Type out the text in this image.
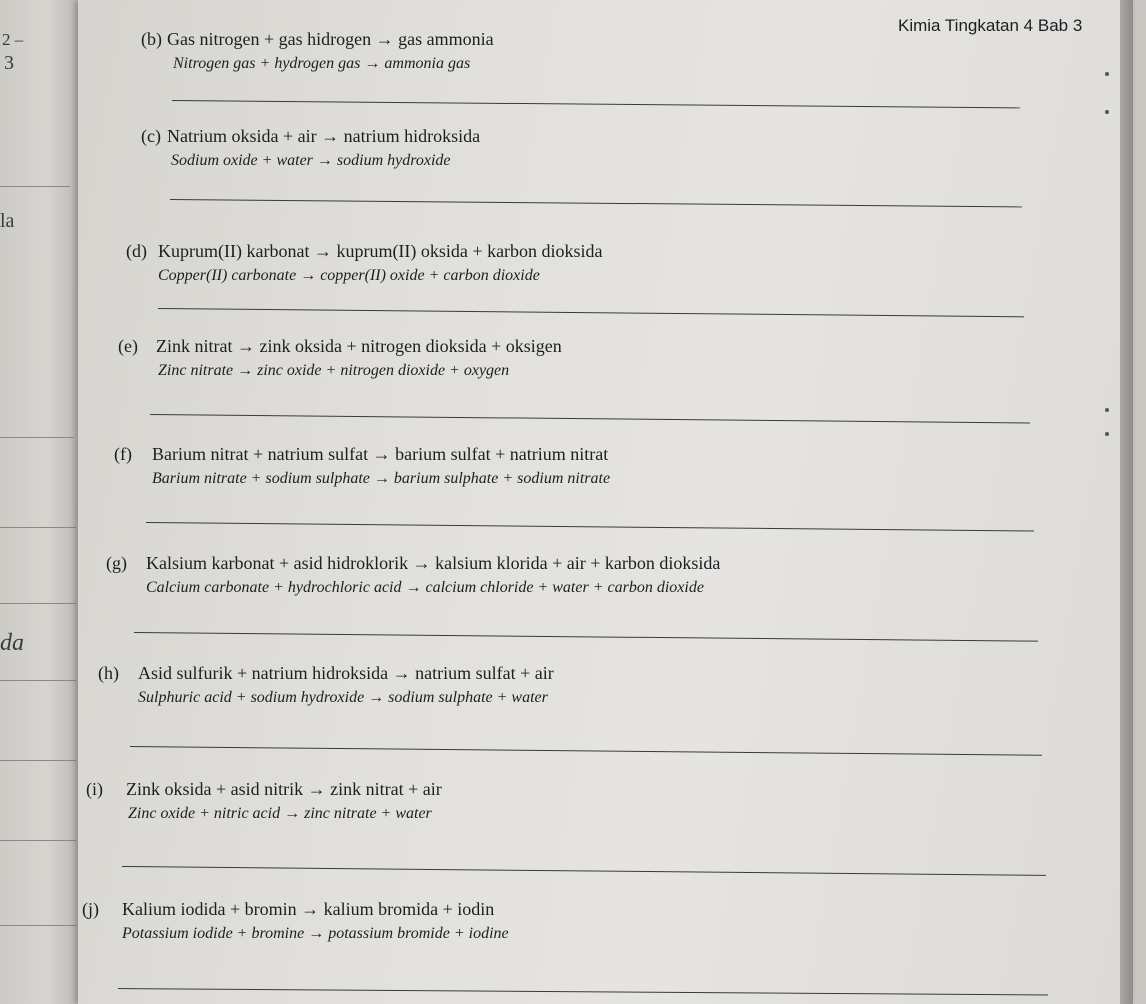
2 –
3
la
da
Kimia Tingkatan 4 Bab 3
(b) Gas nitrogen + gas hidrogen → gas ammonia
Nitrogen gas + hydrogen gas → ammonia gas
(c) Natrium oksida + air → natrium hidroksida
Sodium oxide + water → sodium hydroxide
(d) Kuprum(II) karbonat → kuprum(II) oksida + karbon dioksida
Copper(II) carbonate → copper(II) oxide + carbon dioxide
(e) Zink nitrat → zink oksida + nitrogen dioksida + oksigen
Zinc nitrate → zinc oxide + nitrogen dioxide + oxygen
(f) Barium nitrat + natrium sulfat → barium sulfat + natrium nitrat
Barium nitrate + sodium sulphate → barium sulphate + sodium nitrate
(g) Kalsium karbonat + asid hidroklorik → kalsium klorida + air + karbon dioksida
Calcium carbonate + hydrochloric acid → calcium chloride + water + carbon dioxide
(h) Asid sulfurik + natrium hidroksida → natrium sulfat + air
Sulphuric acid + sodium hydroxide → sodium sulphate + water
(i) Zink oksida + asid nitrik → zink nitrat + air
Zinc oxide + nitric acid → zinc nitrate + water
(j) Kalium iodida + bromin → kalium bromida + iodin
Potassium iodide + bromine → potassium bromide + iodine
